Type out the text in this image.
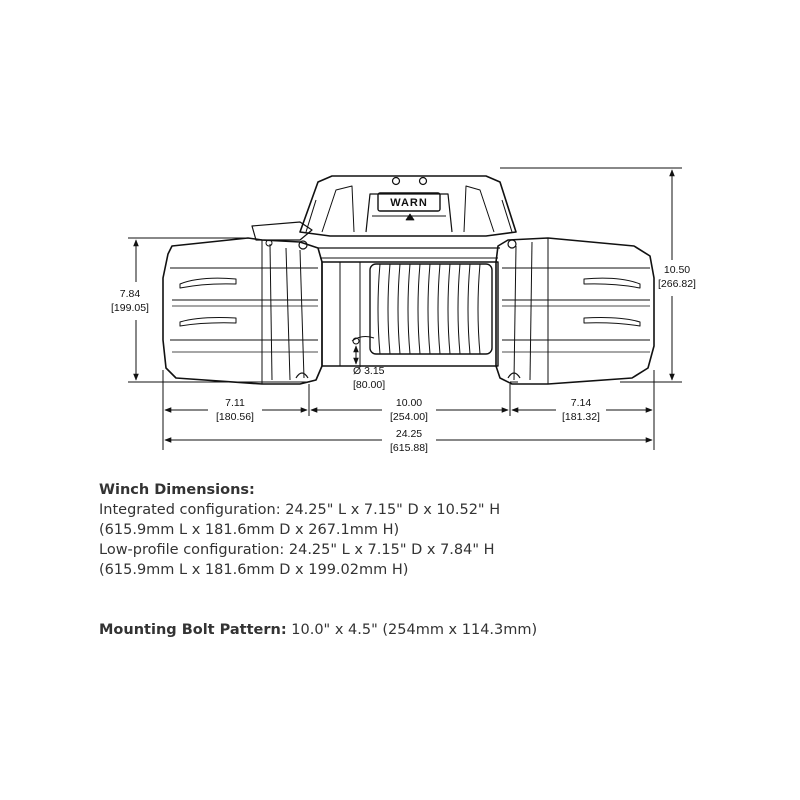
WARN
7.84
[199.05]
10.50
[266.82]
Ø 3.15
[80.00]
7.11
[180.56]
10.00
[254.00]
7.14
[181.32]
24.25
[615.88]

Winch Dimensions:

Integrated configuration: 24.25" L x 7.15" D x 10.52" H

(615.9mm L x 181.6mm D x 267.1mm H)

Low-profile configuration: 24.25" L x 7.15" D x 7.84" H

(615.9mm L x 181.6mm D x 199.02mm H)

Mounting Bolt Pattern: 10.0" x 4.5" (254mm x 114.3mm)
